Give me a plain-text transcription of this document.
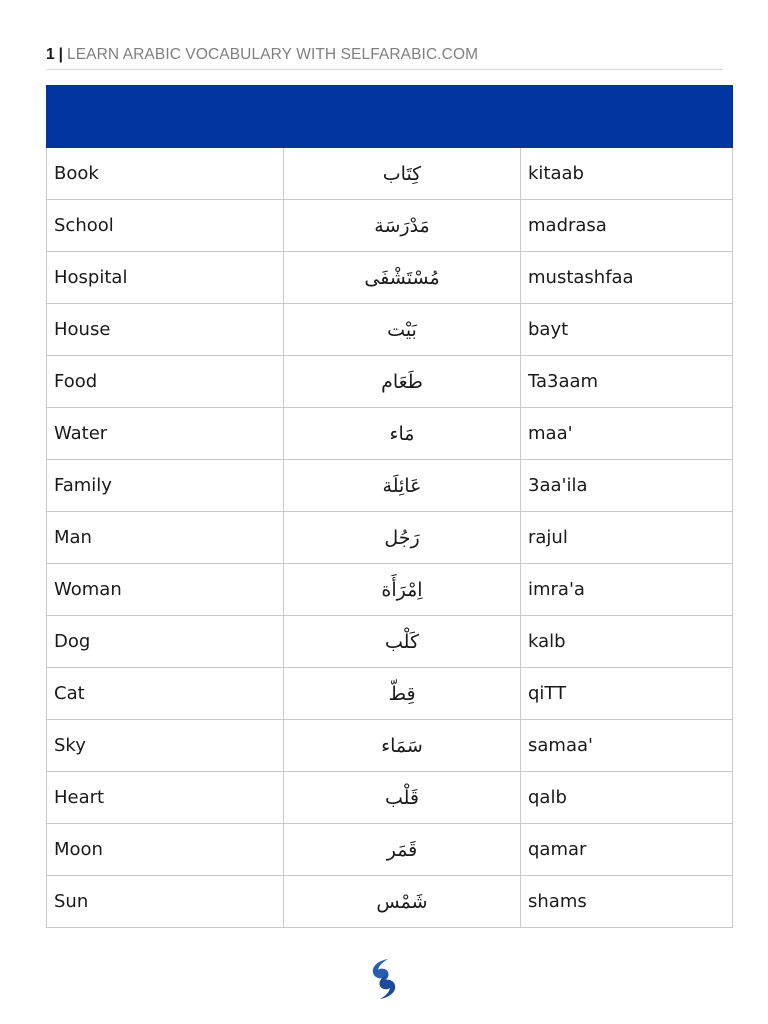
1 | LEARN ARABIC VOCABULARY WITH SELFARABIC.COM

Book	كِتَاب	kitaab
School	مَدْرَسَة	madrasa
Hospital	مُسْتَشْفَى	mustashfaa
House	بَيْت	bayt
Food	طَعَام	Ta3aam
Water	مَاء	maa'
Family	عَائِلَة	3aa'ila
Man	رَجُل	rajul
Woman	اِمْرَأَة	imra'a
Dog	كَلْب	kalb
Cat	قِطّ	qiTT
Sky	سَمَاء	samaa'
Heart	قَلْب	qalb
Moon	قَمَر	qamar
Sun	شَمْس	shams
